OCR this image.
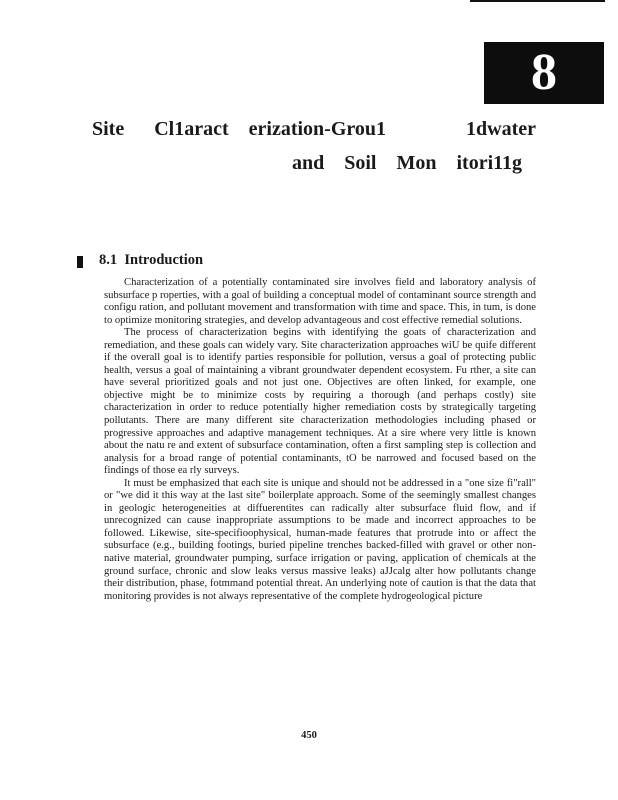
8
Site      Cl1aract    erization-Grou1                1dwater
and    Soil    Mon    itori11g
8.1 Introduction

Characterization of a potentially contaminated sire involves field and laboratory analysis of subsurface p roperties, with a goal of building a conceptual model of contaminant source strength and configu ration, and pollutant movement and transformation with time and space. This, in tum, is done to optimize monitoring strategies, and develop advantageous and cost effective remedial solutions.

The process of characterization begins with identifying the goats of characterization and remediation, and these goals can widely vary. Site characterization approaches wiU be quife different if the overall goal is to identify parties responsible for pollution, versus a goal of protecting public health, versus a goal of maintaining a vibrant groundwater dependent ecosystem. Fu rther, a site can have several prioritized goals and not just one. Objectives are often linked, for example, one objective might be to minimize costs by requiring a thorough (and perhaps costly) site characterization in order to reduce potentially higher remediation costs by strategically targeting pollutants. There are many different site characterization methodologies including phased or progressive approaches and adaptive management techniques. At a sire where very little is known about the natu re and extent of subsurface contamination, often a first sampling step is collection and analysis for a broad range of potential contaminants, tO be narrowed and focused based on the findings of those ea rly surveys.

It must be emphasized that each site is unique and should not be addressed in a "one size fi"rall" or "we did it this way at the last site" boilerplate approach. Some of the seemingly smallest changes in geologic heterogeneities at diffuerentites can radically alter subsurface fluid flow, and if unrecognized can cause inappropriate assumptions to be made and incorrect approaches to be followed. Likewise, site-specifioophysical, human-made features that protrude into or affect the subsurface (e.g., building footings, buried pipeline trenches backed-filled with gravel or other non-native material, groundwater pumping, surface irrigation or paving, application of chemicals at the ground surface, chronic and slow leaks versus massive leaks) aJJcalg alter how pollutants change their distribution, phase, fotmmand potential threat. An underlying note of caution is that the data that monitoring provides is not always representative of the complete hydrogeological picture

450
